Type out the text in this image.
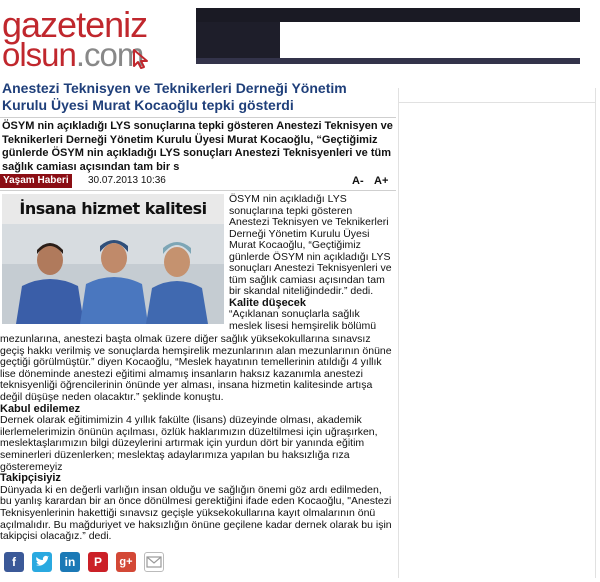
gazeteniz
olsun.com
Anestezi Teknisyen ve Teknikerleri Derneği Yönetim Kurulu Üyesi Murat Kocaoğlu tepki gösterdi
ÖSYM nin açıkladığı LYS sonuçlarına tepki gösteren Anestezi Teknisyen ve Teknikerleri Derneği Yönetim Kurulu Üyesi Murat Kocaoğlu, “Geçtiğimiz günlerde ÖSYM nin açıkladığı LYS sonuçları Anestezi Teknisyenleri ve tüm sağlık camiası açısından tam bir s
Yaşam Haberi	30.07.2013 10:36	A- A+
İnsana hizmet kalitesi	ÖSYM nin açıkladığı LYS sonuçlarına tepki gösteren Anestezi Teknisyen ve Teknikerleri Derneği Yönetim Kurulu Üyesi Murat Kocaoğlu, “Geçtiğimiz günlerde ÖSYM nin açıkladığı LYS sonuçları Anestezi Teknisyenleri ve tüm sağlık camiası açısından tam bir skandal niteliğindedir.” dedi.

Kalite düşecek

“Açıklanan sonuçlarla sağlık meslek lisesi hemşirelik bölümü

mezunlarına, anestezi başta olmak üzere diğer sağlık yüksekokullarına sınavsız geçiş hakkı verilmiş ve sonuçlarda hemşirelik mezunlarının alan mezunlarının önüne geçtiği görülmüştür.” diyen Kocaoğlu, “Meslek hayatının temellerinin atıldığı 4 yıllık lise döneminde anestezi eğitimi almamış insanların haksız kazanımla anestezi teknisyenliği öğrencilerinin önünde yer alması, insana hizmetin kalitesinde artışa değil düşüşe neden olacaktır.” şeklinde konuştu.

Kabul edilemez

Dernek olarak eğitimimizin 4 yıllık fakülte (lisans) düzeyinde olması, akademik ilerlemelerimizin önünün açılması, özlük haklarımızın düzeltilmesi için uğraşırken, meslektaşlarımızın bilgi düzeylerini artırmak için yurdun dört bir yanında eğitim seminerleri düzenlerken; meslektaş adaylarımıza yapılan bu haksızlığa rıza gösteremeyiz

Takipçisiyiz

Dünyada ki en değerli varlığın insan olduğu ve sağlığın önemi göz ardı edilmeden, bu yanlış karardan bir an önce dönülmesi gerektiğini ifade eden Kocaoğlu, "Anestezi Teknisyenlerinin hakettiği sınavsız geçişle yüksekokullarına kayıt olmalarının önü açılmalıdır. Bu mağduriyet ve haksızlığın önüne geçilene kadar dernek olarak bu işin takipçisi olacağız.” dedi.

f	in	P	g+
